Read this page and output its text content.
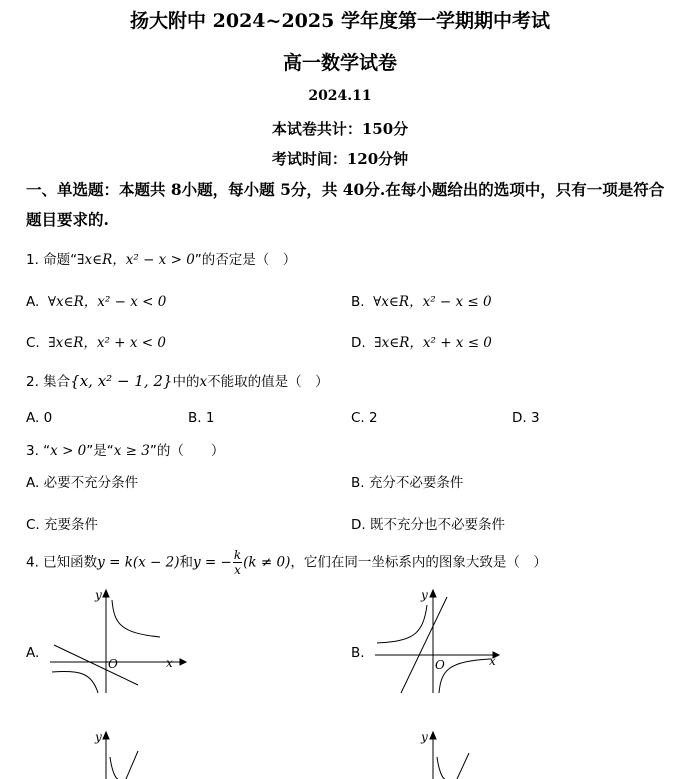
扬大附中 2024~2025 学年度第一学期期中考试
高一数学试卷
2024.11
本试卷共计：150分
考试时间：120分钟
一、单选题：本题共 8小题，每小题 5分，共 40分.在每小题给出的选项中，只有一项是符合题目要求的.
1. 命题“∃x∈R，x² − x > 0”的否定是（　）
A. ∀x∈R，x² − x < 0	B. ∀x∈R，x² − x ≤ 0
C. ∃x∈R，x² + x < 0	D. ∃x∈R，x² + x ≤ 0
2. 集合{x, x² − 1, 2}中的x不能取的值是（　）
A. 0	B. 1	C. 2	D. 3
3. “x > 0”是“x ≥ 3”的（　　）
A. 必要不充分条件	B. 充分不必要条件
C. 充要条件	D. 既不充分也不必要条件
4. 已知函数y = k(x − 2)和y = − $\frac{k}{x} (k \ne 0)$，它们在同一坐标系内的图象大致是（　）
A.	B.
y
x
O
y
x
O
y	y
